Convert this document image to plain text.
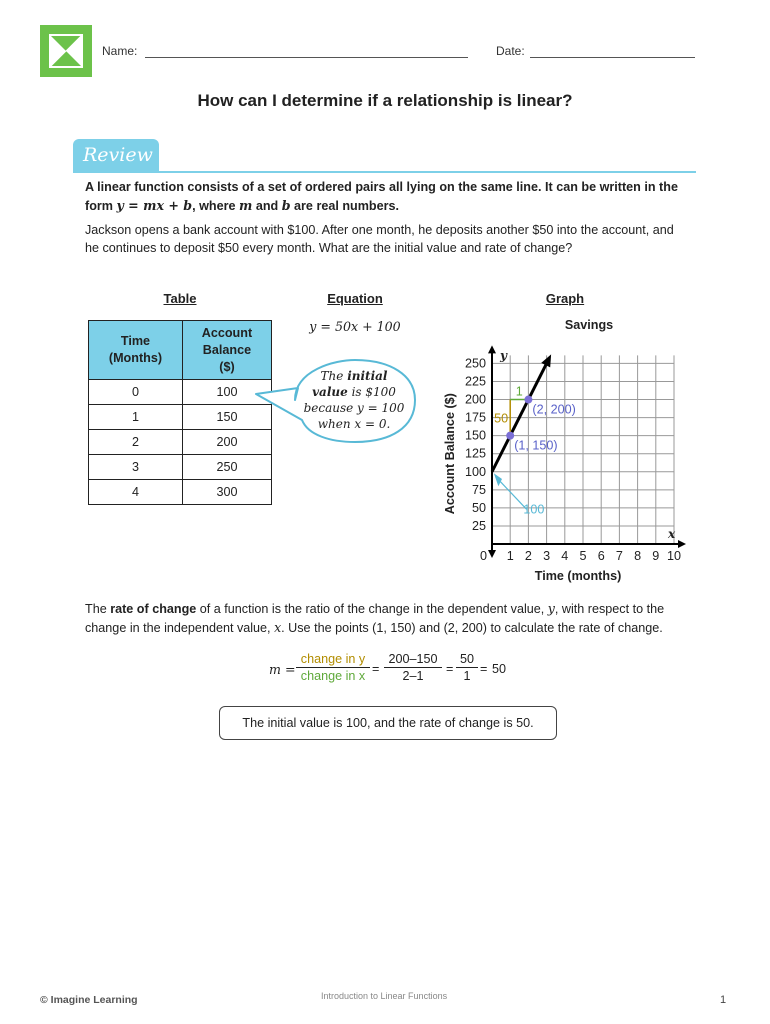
Name:	Date:
How can I determine if a relationship is linear?
Review
A linear function consists of a set of ordered pairs all lying on the same line. It can be written in the form y = mx + b, where m and b are real numbers.
Jackson opens a bank account with $100. After one month, he deposits another $50 into the account, and he continues to deposit $50 every month. What are the initial value and rate of change?
Table
Time
(Months)	Account
Balance
($)
0	100
1	150
2	200
3	250
4	300
Equation
y = 50x + 100
The initial
value is $100
because y = 100
when x = 0.
Graph
Savings
y
x
0 1 2 3 4 5 6 7 8 9 10
25
50
75
100
125
150
175
200
225
250
Time (months)
Account Balance ($)
1
50
(1, 150)
(2, 200)
100
The rate of change of a function is the ratio of the change in the dependent value, y, with respect to the change in the independent value, x. Use the points (1, 150) and (2, 200) to calculate the rate of change.
m =
change in y
change in x =
200–150
2–1	=
50
1 = 50
The initial value is 100, and the rate of change is 50.
© Imagine Learning	Introduction to Linear Functions	1
